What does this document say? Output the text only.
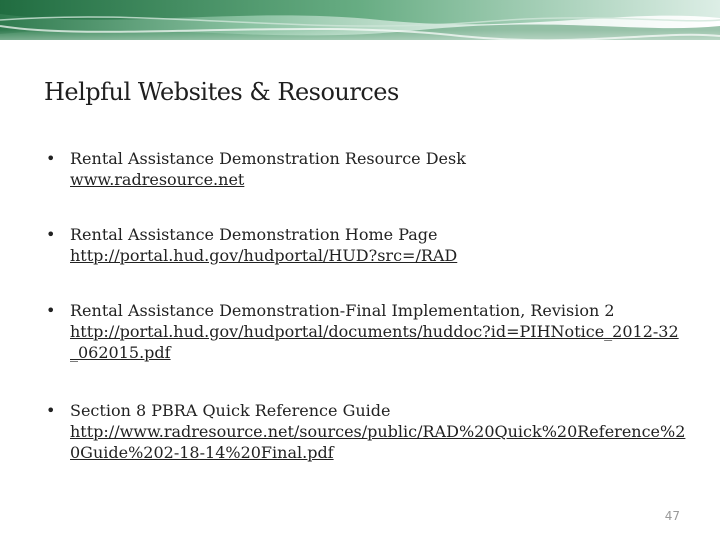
Helpful Websites & Resources
• Rental Assistance Demonstration Resource Desk
www.radresource.net
• Rental Assistance Demonstration Home Page
http://portal.hud.gov/hudportal/HUD?src=/RAD
• Rental Assistance Demonstration-Final Implementation, Revision 2
http://portal.hud.gov/hudportal/documents/huddoc?id=PIHNotice_2012-32_062015.pdf
• Section 8 PBRA Quick Reference Guide
http://www.radresource.net/sources/public/RAD%20Quick%20Reference%20Guide%202-18-14%20Final.pdf
47
